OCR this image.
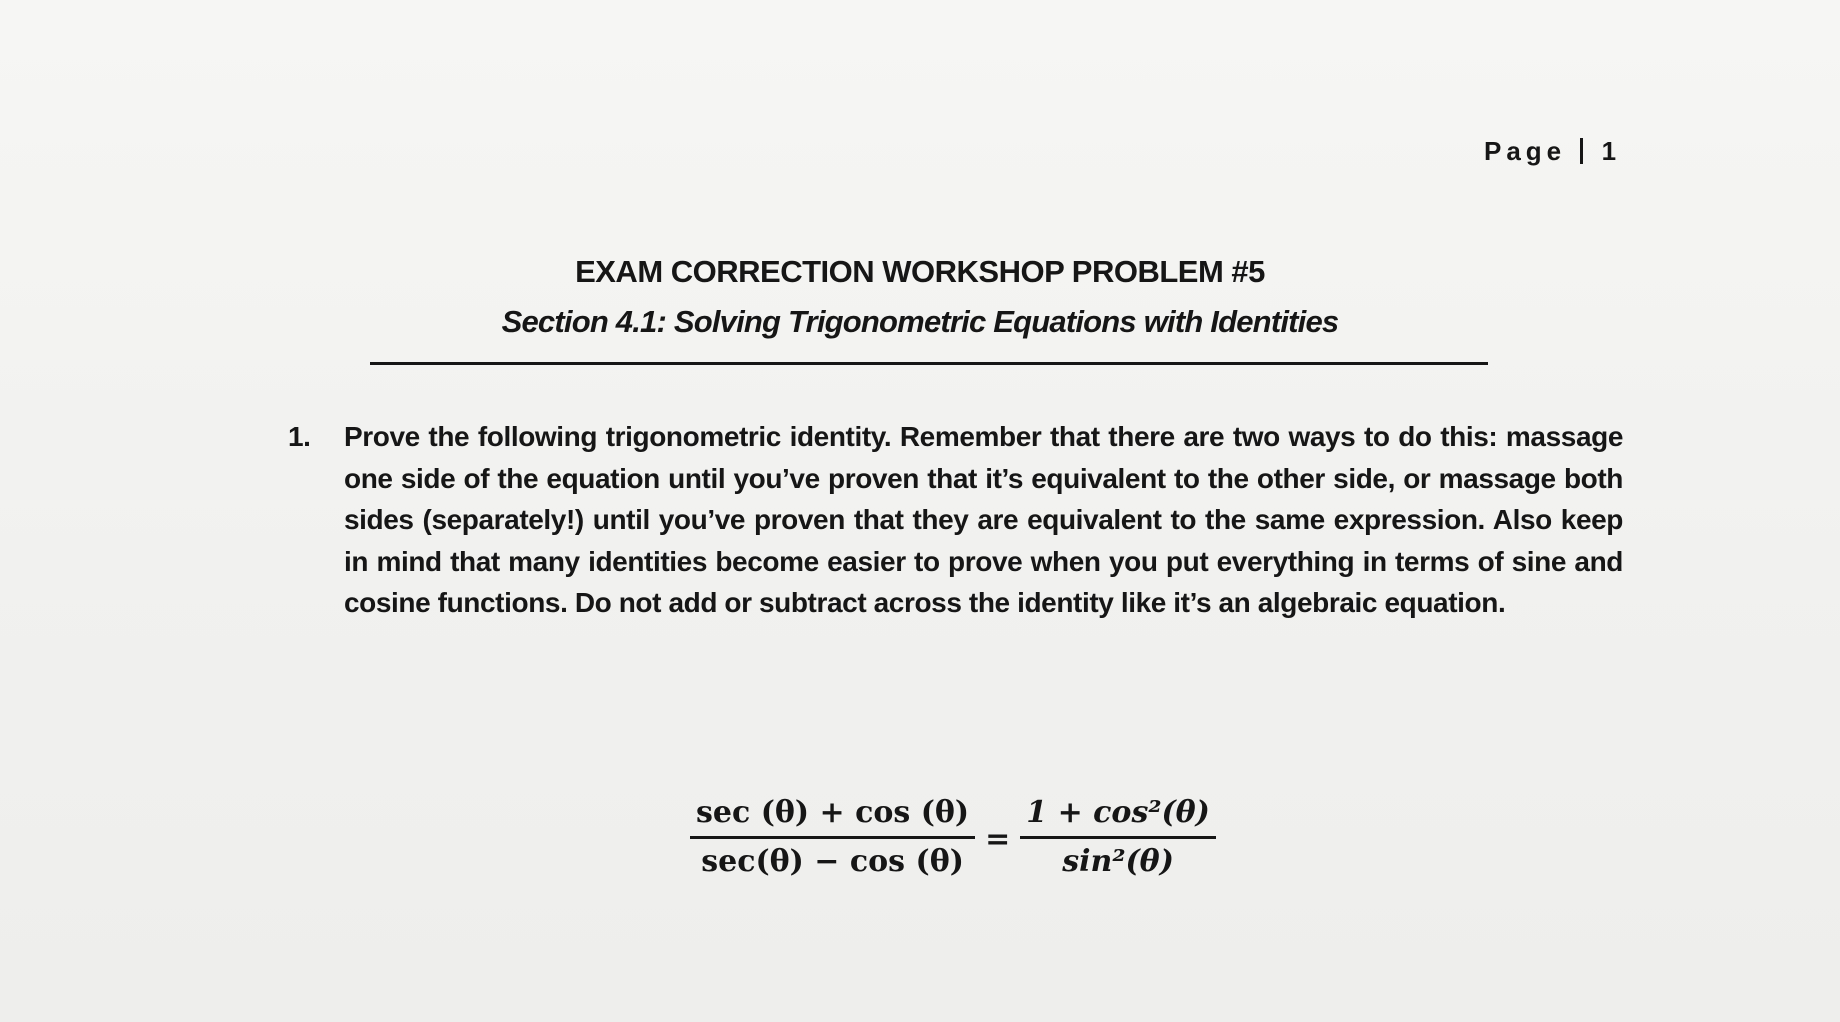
Page 1
EXAM CORRECTION WORKSHOP PROBLEM #5
Section 4.1: Solving Trigonometric Equations with Identities
1.	Prove the following trigonometric identity. Remember that there are two ways to do this: massage one side of the equation until you’ve proven that it’s equivalent to the other side, or massage both sides (separately!) until you’ve proven that they are equivalent to the same expression. Also keep in mind that many identities become easier to prove when you put everything in terms of sine and cosine functions. Do not add or subtract across the identity like it’s an algebraic equation.
$\frac{\sec (\theta) + \cos (\theta)}{\sec(\theta) - \cos (\theta)} = \frac{\text{1 + cos²(θ)}}{\text{sin²(θ)}}$
